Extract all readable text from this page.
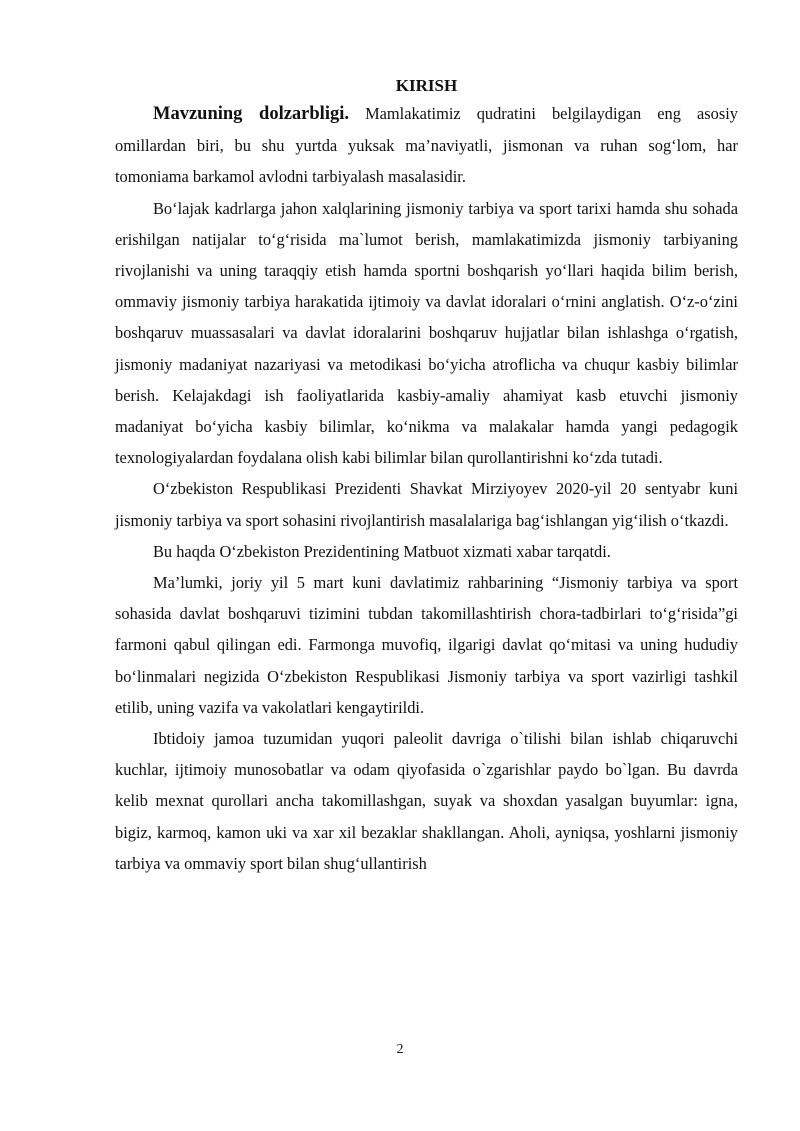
KIRISH

Mavzuning dolzarbligi. Mamlakatimiz qudratini belgilaydigan eng asosiy omillardan biri, bu shu yurtda yuksak ma’naviyatli, jismonan va ruhan sog‘lom, har tomoniama barkamol avlodni tarbiyalash masalasidir.

Bo‘lajak kadrlarga jahon xalqlarining jismoniy tarbiya va sport tarixi hamda shu sohada erishilgan natijalar to‘g‘risida ma`lumot berish, mamlakatimizda jismoniy tarbiyaning rivojlanishi va uning taraqqiy etish hamda sportni boshqarish yo‘llari haqida bilim berish, ommaviy jismoniy tarbiya harakatida ijtimoiy va davlat idoralari o‘rnini anglatish. O‘z-o‘zini boshqaruv muassasalari va davlat idoralarini boshqaruv hujjatlar bilan ishlashga o‘rgatish, jismoniy madaniyat nazariyasi va metodikasi bo‘yicha atroflicha va chuqur kasbiy bilimlar berish. Kelajakdagi ish faoliyatlarida kasbiy-amaliy ahamiyat kasb etuvchi jismoniy madaniyat bo‘yicha kasbiy bilimlar, ko‘nikma va malakalar hamda yangi pedagogik texnologiyalardan foydalana olish kabi bilimlar bilan qurollantirishni ko‘zda tutadi.

O‘zbekiston Respublikasi Prezidenti Shavkat Mirziyoyev 2020-yil 20 sentyabr kuni jismoniy tarbiya va sport sohasini rivojlantirish masalalariga bag‘ishlangan yig‘ilish o‘tkazdi.

Bu haqda O‘zbekiston Prezidentining Matbuot xizmati xabar tarqatdi.

Ma’lumki, joriy yil 5 mart kuni davlatimiz rahbarining “Jismoniy tarbiya va sport sohasida davlat boshqaruvi tizimini tubdan takomillashtirish chora-tadbirlari to‘g‘risida”gi farmoni qabul qilingan edi. Farmonga muvofiq, ilgarigi davlat qo‘mitasi va uning hududiy bo‘linmalari negizida O‘zbekiston Respublikasi Jismoniy tarbiya va sport vazirligi tashkil etilib, uning vazifa va vakolatlari kengaytirildi.

Ibtidoiy jamoa tuzumidan yuqori paleolit davriga o`tilishi bilan ishlab chiqaruvchi kuchlar, ijtimoiy munosobatlar va odam qiyofasida o`zgarishlar paydo bo`lgan. Bu davrda kelib mexnat qurollari ancha takomillashgan, suyak va shoxdan yasalgan buyumlar: igna, bigiz, karmoq, kamon uki va xar xil bezaklar shakllangan. Aholi, ayniqsa, yoshlarni jismoniy tarbiya va ommaviy sport bilan shug‘ullantirish

2
